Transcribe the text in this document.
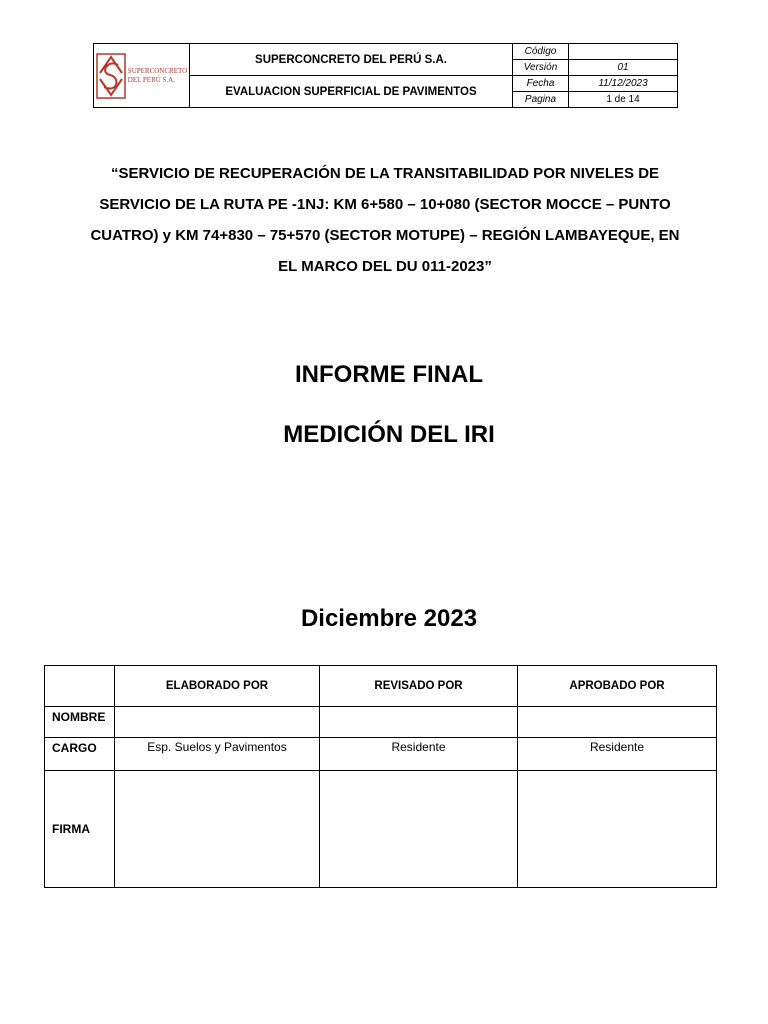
SUPERCONCRETO
DEL PERÚ S.A.	SUPERCONCRETO DEL PERÚ S.A.	Código	
		Versión	01
	EVALUACION SUPERFICIAL DE PAVIMENTOS	Fecha	11/12/2023
		Pagina	1 de 14
“SERVICIO DE RECUPERACIÓN DE LA TRANSITABILIDAD POR NIVELES DE SERVICIO DE LA RUTA PE -1NJ: KM 6+580 – 10+080 (SECTOR MOCCE – PUNTO CUATRO) y KM 74+830 – 75+570 (SECTOR MOTUPE) – REGIÓN LAMBAYEQUE, EN EL MARCO DEL DU 011-2023”
INFORME FINAL
MEDICIÓN DEL IRI
Diciembre 2023
	ELABORADO POR	REVISADO POR	APROBADO POR
NOMBRE			
CARGO	Esp. Suelos y Pavimentos	Residente	Residente
FIRMA			
